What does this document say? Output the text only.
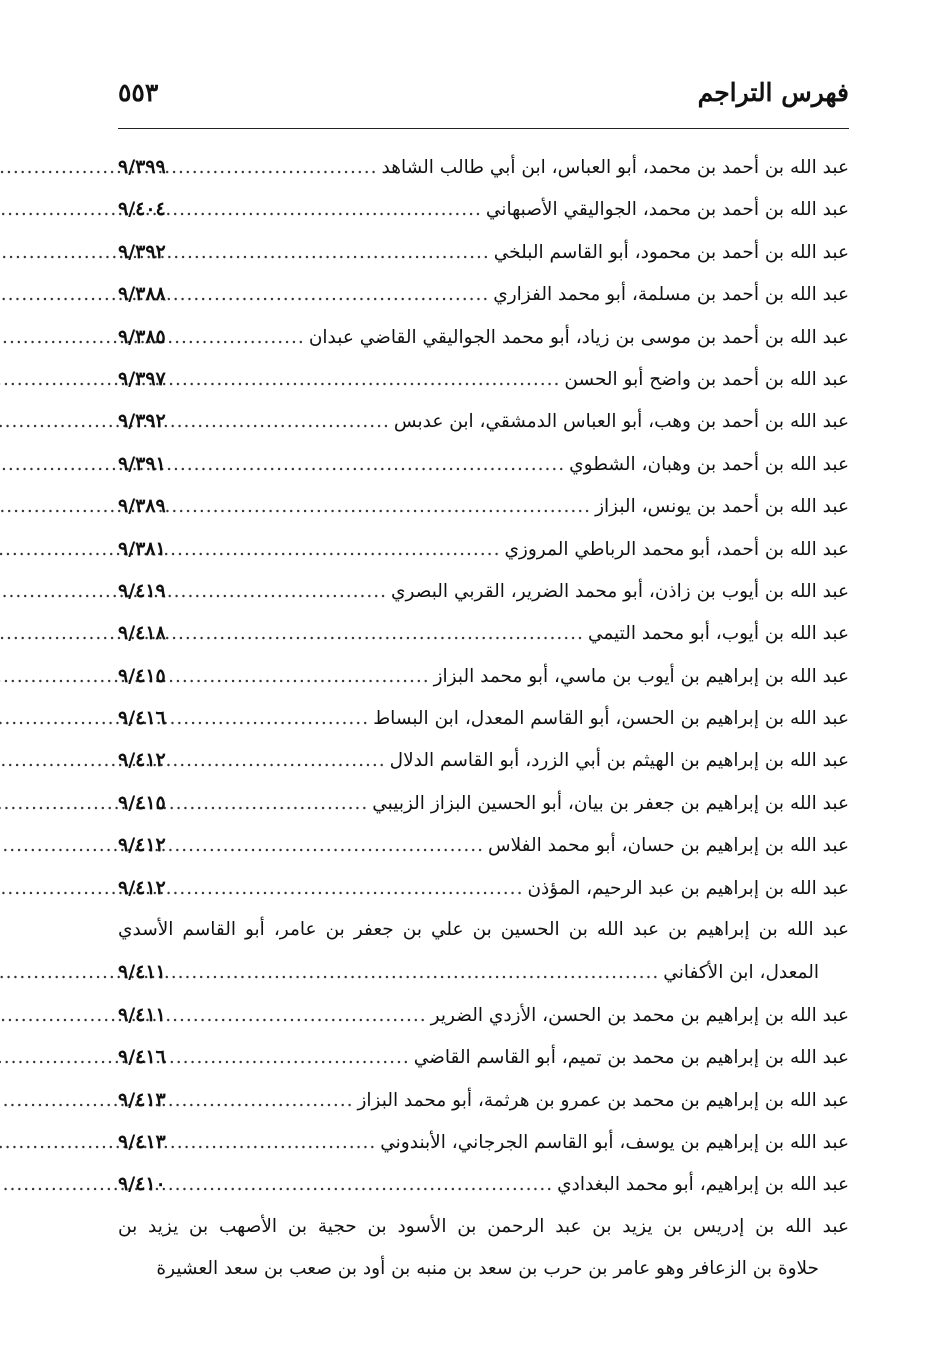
فهرس التراجم
٥٥٣
عبد الله بن أحمد بن محمد، أبو العباس، ابن أبي طالب الشاهد
.....
٩/٣٩٩
عبد الله بن أحمد بن محمد، الجواليقي الأصبهاني
.....
٩/٤٠٤
عبد الله بن أحمد بن محمود، أبو القاسم البلخي
.....
٩/٣٩٢
عبد الله بن أحمد بن مسلمة، أبو محمد الفزاري
.....
٩/٣٨٨
عبد الله بن أحمد بن موسى بن زياد، أبو محمد الجواليقي القاضي عبدان
.....
٩/٣٨٥
عبد الله بن أحمد بن واضح أبو الحسن
.....
٩/٣٩٧
عبد الله بن أحمد بن وهب، أبو العباس الدمشقي، ابن عدبس
.....
٩/٣٩٢
عبد الله بن أحمد بن وهبان، الشطوي
.....
٩/٣٩١
عبد الله بن أحمد بن يونس، البزاز
.....
٩/٣٨٩
عبد الله بن أحمد، أبو محمد الرباطي المروزي
.....
٩/٣٨١
عبد الله بن أيوب بن زاذن، أبو محمد الضرير، القربي البصري
.....
٩/٤١٩
عبد الله بن أيوب، أبو محمد التيمي
.....
٩/٤١٨
عبد الله بن إبراهيم بن أيوب بن ماسي، أبو محمد البزاز
.....
٩/٤١٥
عبد الله بن إبراهيم بن الحسن، أبو القاسم المعدل، ابن البساط
.....
٩/٤١٦
عبد الله بن إبراهيم بن الهيثم بن أبي الزرد، أبو القاسم الدلال
.....
٩/٤١٢
عبد الله بن إبراهيم بن جعفر بن بيان، أبو الحسين البزاز الزبيبي
.....
٩/٤١٥
عبد الله بن إبراهيم بن حسان، أبو محمد الفلاس
.....
٩/٤١٢
عبد الله بن إبراهيم بن عبد الرحيم، المؤذن
.....
٩/٤١٢
عبد الله بن إبراهيم بن عبد الله بن الحسين بن علي بن جعفر بن عامر، أبو القاسم الأسدي
المعدل، ابن الأكفاني
.....
٩/٤١١
عبد الله بن إبراهيم بن محمد بن الحسن، الأزدي الضرير
.....
٩/٤١١
عبد الله بن إبراهيم بن محمد بن تميم، أبو القاسم القاضي
.....
٩/٤١٦
عبد الله بن إبراهيم بن محمد بن عمرو بن هرثمة، أبو محمد البزاز
.....
٩/٤١٣
عبد الله بن إبراهيم بن يوسف، أبو القاسم الجرجاني، الأبندوني
.....
٩/٤١٣
عبد الله بن إبراهيم، أبو محمد البغدادي
.....
٩/٤١٠
عبد الله بن إدريس بن يزيد بن عبد الرحمن بن الأسود بن حجية بن الأصهب بن يزيد بن
حلاوة بن الزعافر وهو عامر بن حرب بن سعد بن منبه بن أود بن صعب بن سعد العشيرة
